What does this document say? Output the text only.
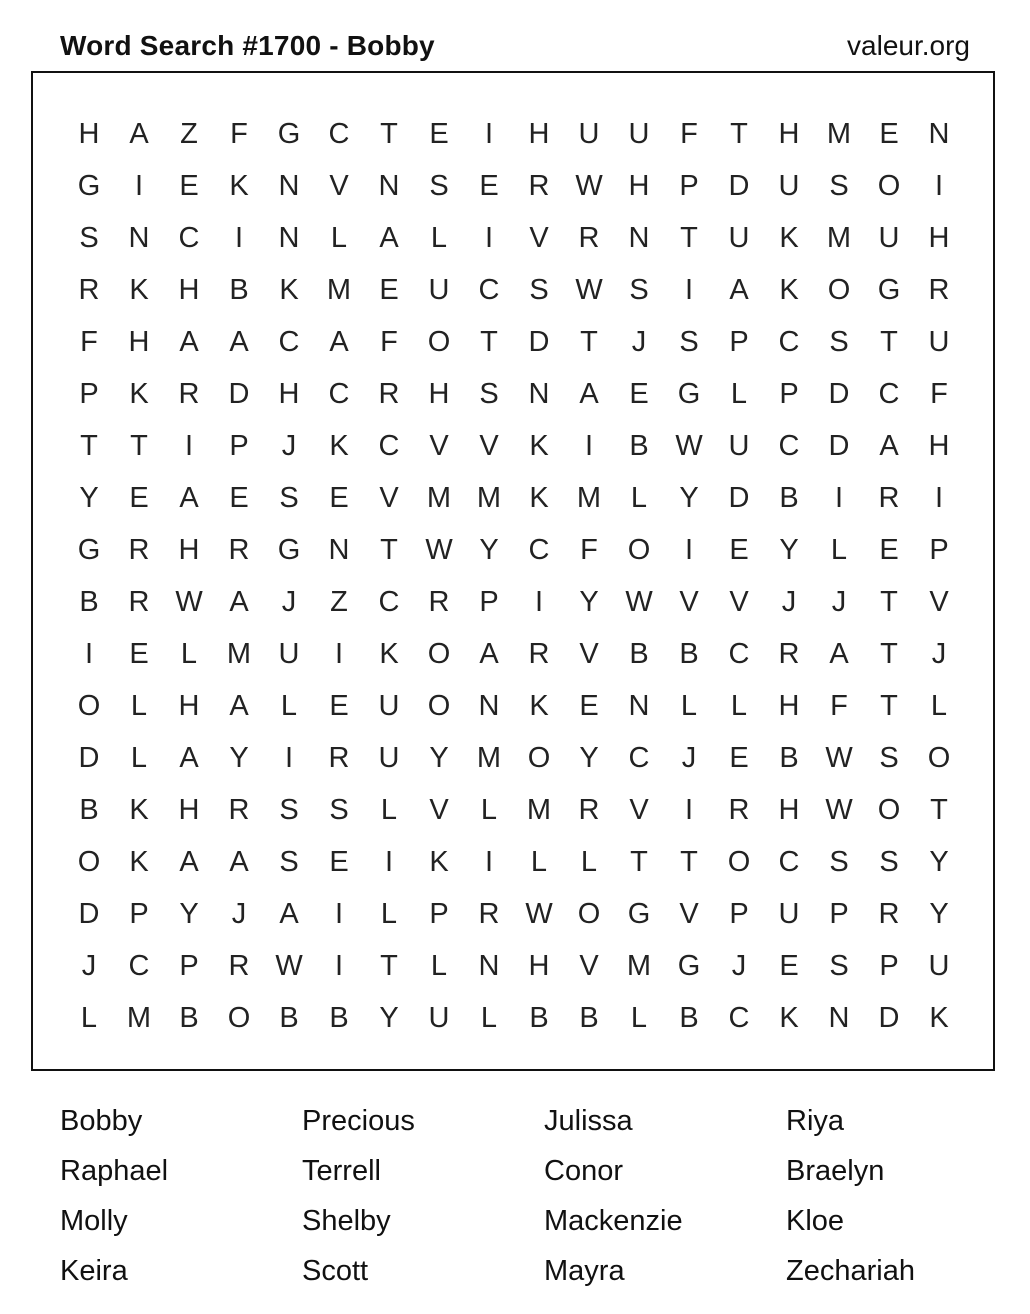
Word Search #1700 - Bobby	valeur.org
H	A	Z	F	G C	T	E	I	H	U	U	F	T	H M E	N
G	I	E	K	N	V	N	S	E	R W H	P	D	U	S	O	I
S	N	C	I	N	L	A	L	I	V	R	N	T	U	K M U	H
R	K	H	B	K M E	U	C	S W S	I	A	K	O G R
F	H	A	A	C	A	F	O	T	D	T	J	S	P	C	S	T	U
P	K	R	D	H	C	R	H	S	N	A	E	G	L	P	D	C	F
T	T	I	P	J	K	C	V	V	K	I	B W U	C	D	A	H
Y	E	A	E	S	E	V M M K M	L	Y	D	B	I	R	I
G R	H	R G N	T W Y	C	F	O	I	E	Y	L	E	P
B	R W A	J	Z	C	R	P	I	Y W V	V	J	J	T	V
I	E	L	M U	I	K	O	A	R	V	B	B	C	R	A	T	J
O	L	H	A	L	E	U O N	K	E	N	L	L	H	F	T	L
D	L	A	Y	I	R	U	Y M O	Y	C	J	E	B W S	O
B	K	H	R	S	S	L	V	L	M R	V	I	R	H W O	T
O	K	A	A	S	E	I	K	I	L	L	T	T	O C	S	S	Y
D	P	Y	J	A	I	L	P	R W O G	V	P	U	P	R	Y
J	C	P	R W	I	T	L	N	H	V M G	J	E	S	P	U
L	M B	O	B	B	Y	U	L	B	B	L	B	C	K	N	D	K
Bobby	Precious	Julissa	Riya
Raphael	Terrell	Conor	Braelyn
Molly	Shelby	Mackenzie	Kloe
Keira	Scott	Mayra	Zechariah
